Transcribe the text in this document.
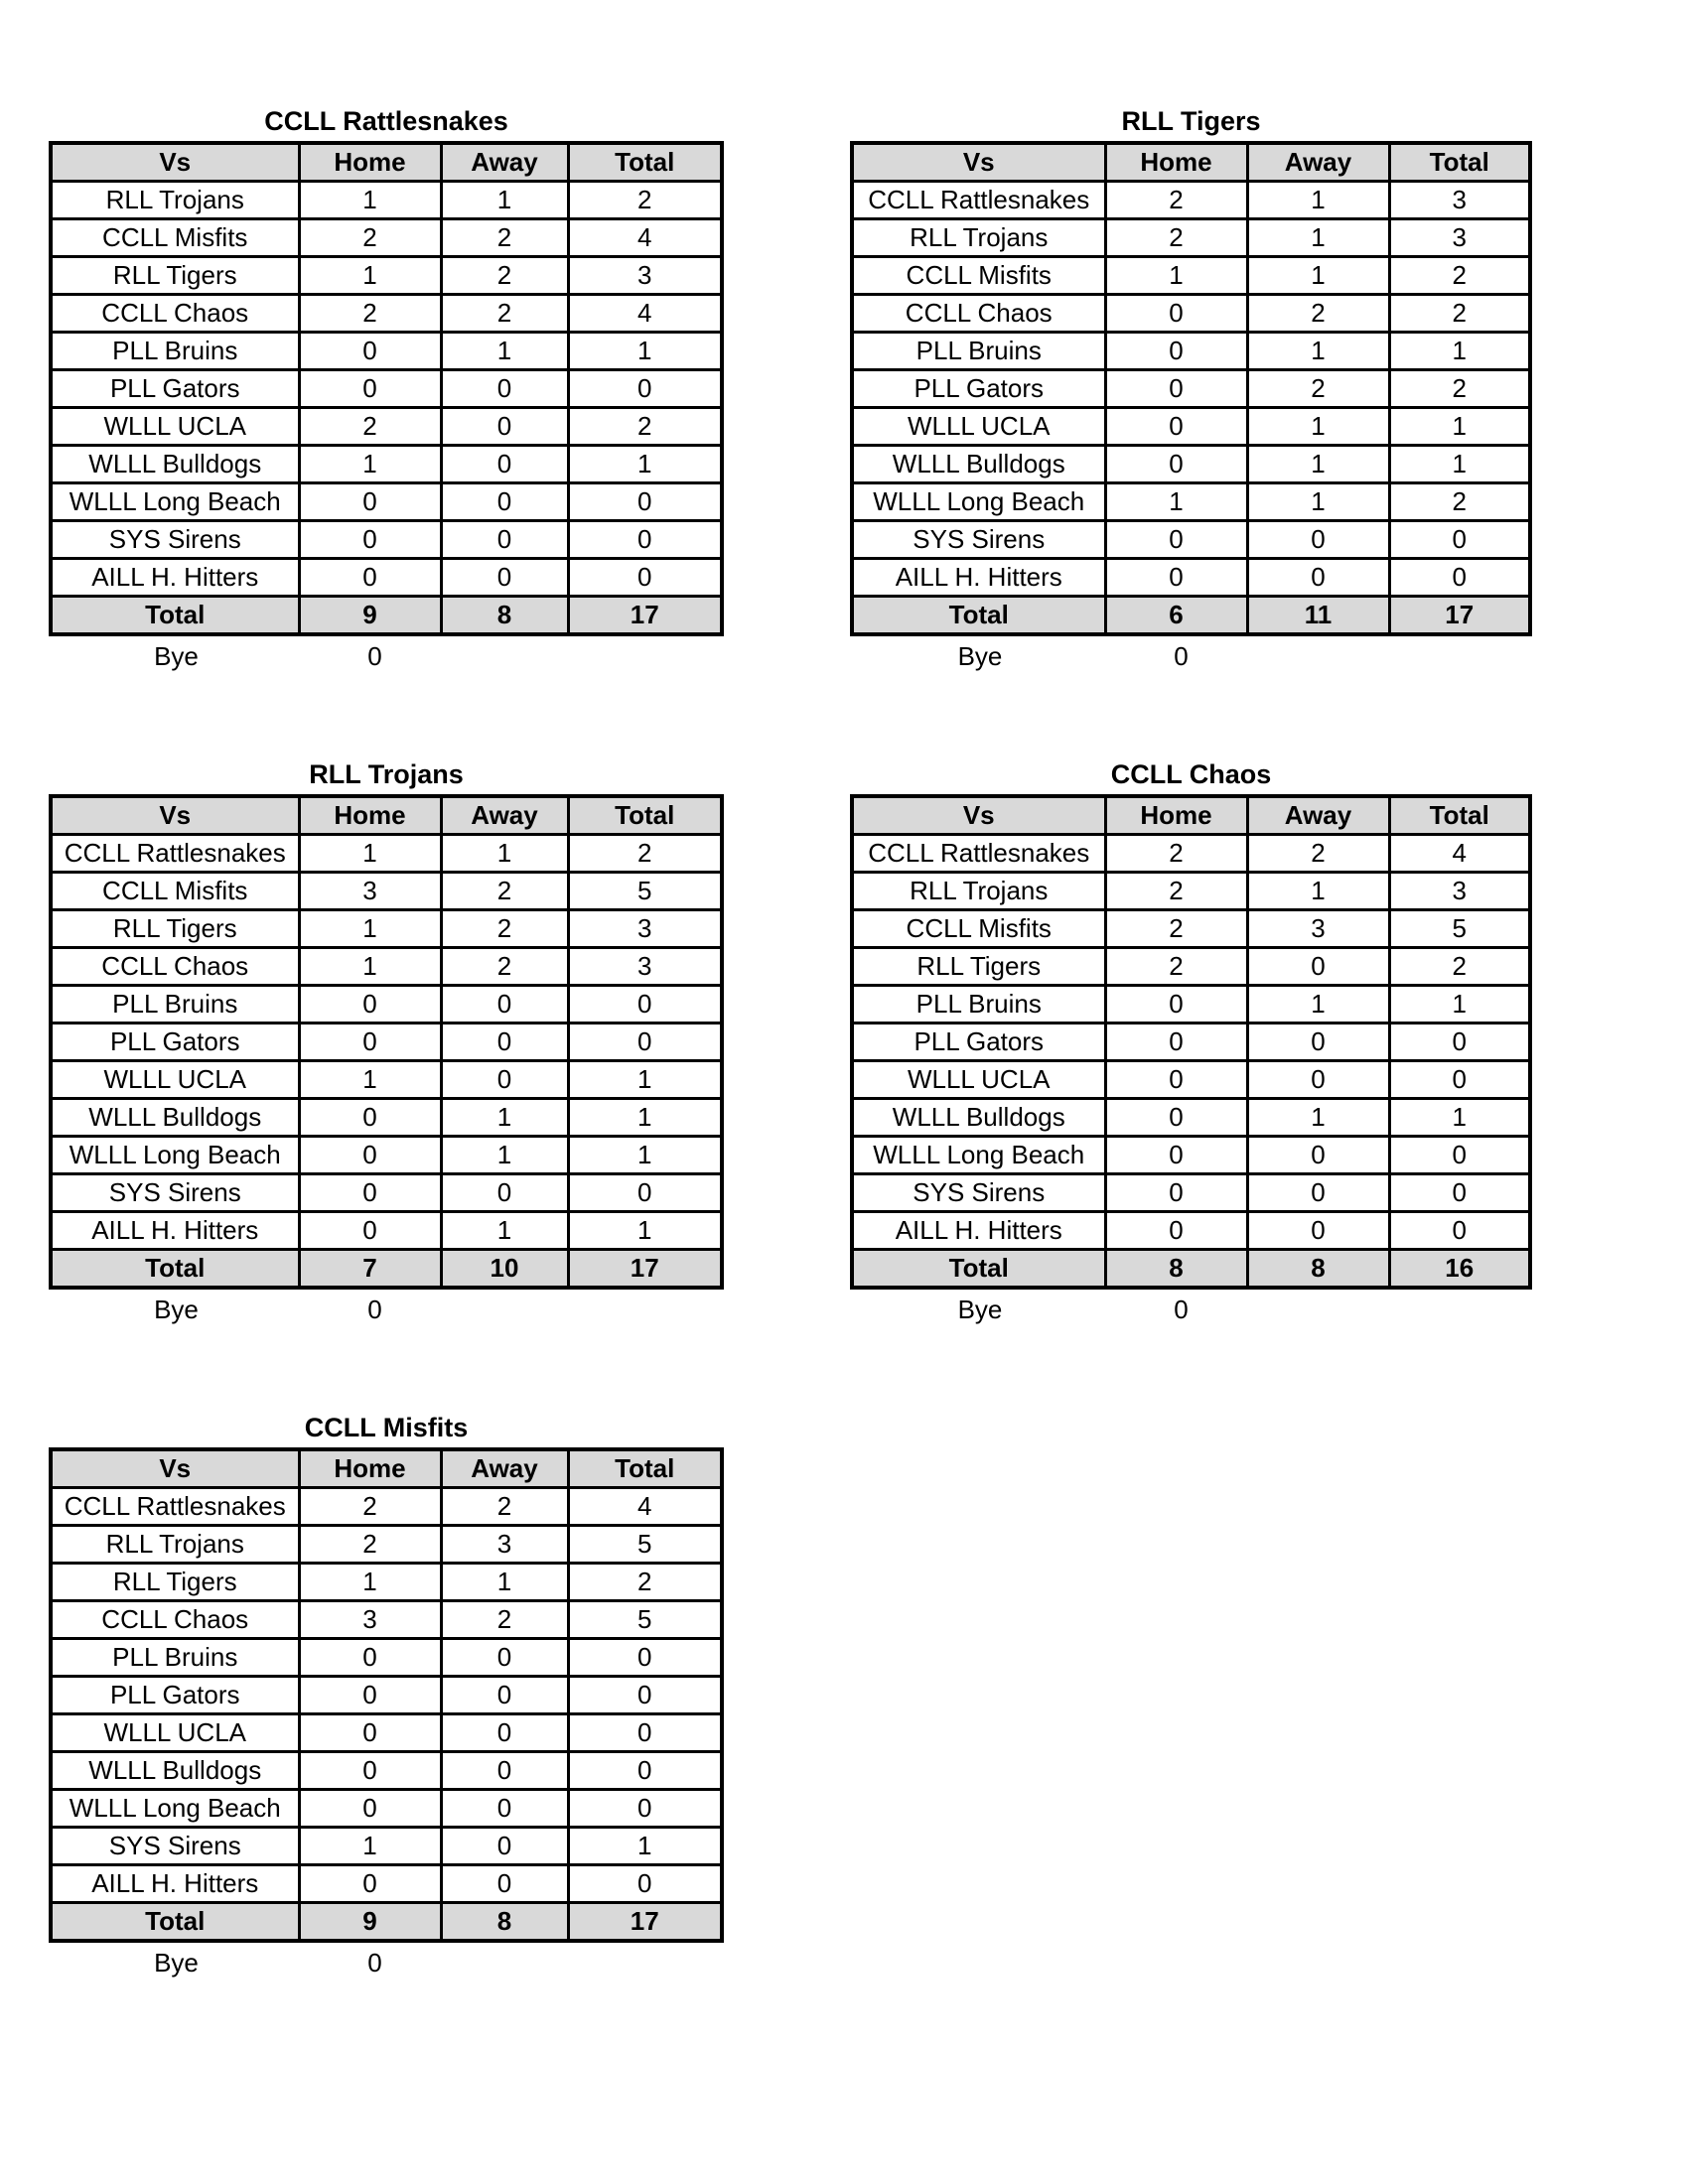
CCLL Rattlesnakes
Vs	Home	Away	Total
RLL Trojans	1	1	2
CCLL Misfits	2	2	4
RLL Tigers	1	2	3
CCLL Chaos	2	2	4
PLL Bruins	0	1	1
PLL Gators	0	0	0
WLLL UCLA	2	0	2
WLLL Bulldogs	1	0	1
WLLL Long Beach	0	0	0
SYS Sirens	0	0	0
AILL H. Hitters	0	0	0
Total	9	8	17
Bye	0
RLL Tigers
Vs	Home	Away	Total
CCLL Rattlesnakes	2	1	3
RLL Trojans	2	1	3
CCLL Misfits	1	1	2
CCLL Chaos	0	2	2
PLL Bruins	0	1	1
PLL Gators	0	2	2
WLLL UCLA	0	1	1
WLLL Bulldogs	0	1	1
WLLL Long Beach	1	1	2
SYS Sirens	0	0	0
AILL H. Hitters	0	0	0
Total	6	11	17
Bye	0
RLL Trojans
Vs	Home	Away	Total
CCLL Rattlesnakes	1	1	2
CCLL Misfits	3	2	5
RLL Tigers	1	2	3
CCLL Chaos	1	2	3
PLL Bruins	0	0	0
PLL Gators	0	0	0
WLLL UCLA	1	0	1
WLLL Bulldogs	0	1	1
WLLL Long Beach	0	1	1
SYS Sirens	0	0	0
AILL H. Hitters	0	1	1
Total	7	10	17
Bye	0
CCLL Chaos
Vs	Home	Away	Total
CCLL Rattlesnakes	2	2	4
RLL Trojans	2	1	3
CCLL Misfits	2	3	5
RLL Tigers	2	0	2
PLL Bruins	0	1	1
PLL Gators	0	0	0
WLLL UCLA	0	0	0
WLLL Bulldogs	0	1	1
WLLL Long Beach	0	0	0
SYS Sirens	0	0	0
AILL H. Hitters	0	0	0
Total	8	8	16
Bye	0
CCLL Misfits
Vs	Home	Away	Total
CCLL Rattlesnakes	2	2	4
RLL Trojans	2	3	5
RLL Tigers	1	1	2
CCLL Chaos	3	2	5
PLL Bruins	0	0	0
PLL Gators	0	0	0
WLLL UCLA	0	0	0
WLLL Bulldogs	0	0	0
WLLL Long Beach	0	0	0
SYS Sirens	1	0	1
AILL H. Hitters	0	0	0
Total	9	8	17
Bye	0
